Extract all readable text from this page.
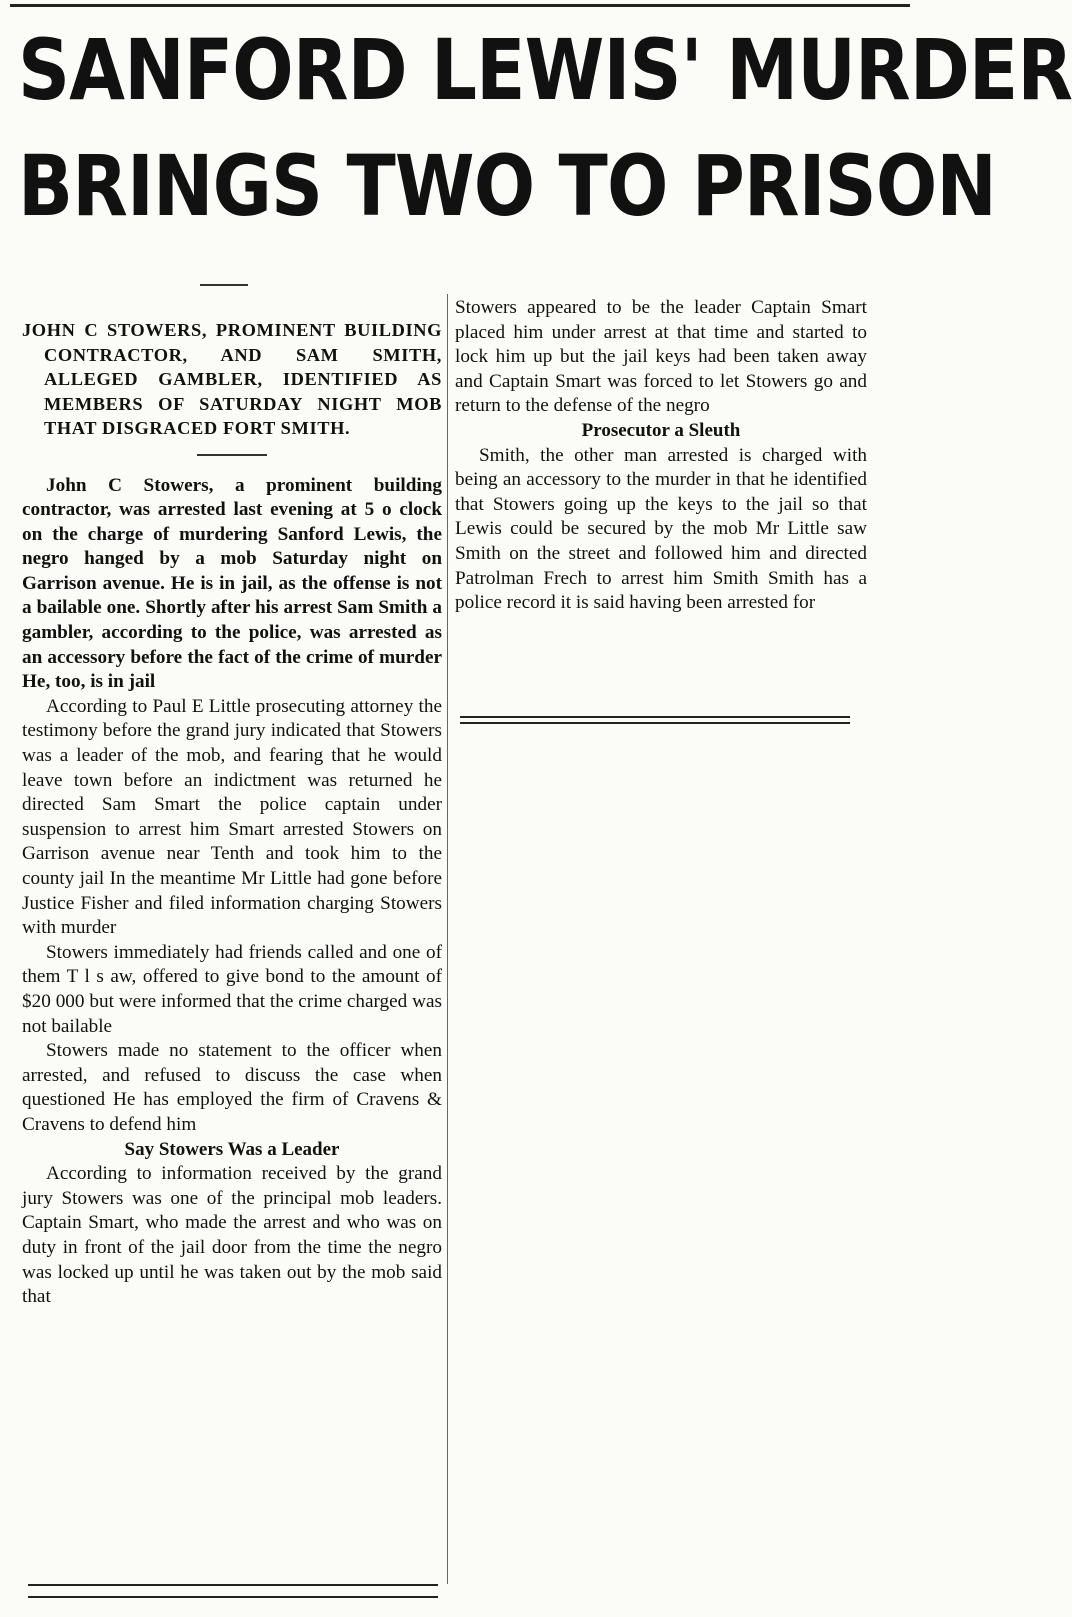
SANFORD LEWIS' MURDER
BRINGS TWO TO PRISON
JOHN C STOWERS, PROMINENT BUILDING CONTRACTOR, AND SAM SMITH, ALLEGED GAMBLER, IDENTIFIED AS MEMBERS OF SATURDAY NIGHT MOB THAT DISGRACED FORT SMITH.

John C Stowers, a prominent building contractor, was arrested last evening at 5 o clock on the charge of murdering Sanford Lewis, the negro hanged by a mob Saturday night on Garrison avenue. He is in jail, as the offense is not a bailable one. Shortly after his arrest Sam Smith a gambler, according to the police, was arrested as an accessory before the fact of the crime of murder He, too, is in jail

According to Paul E Little prosecuting attorney the testimony before the grand jury indicated that Stowers was a leader of the mob, and fearing that he would leave town before an indictment was returned he directed Sam Smart the police captain under suspension to arrest him Smart arrested Stowers on Garrison avenue near Tenth and took him to the county jail In the meantime Mr Little had gone before Justice Fisher and filed information charging Stowers with murder

Stowers immediately had friends called and one of them T l s aw, offered to give bond to the amount of $20 000 but were informed that the crime charged was not bailable

Stowers made no statement to the officer when arrested, and refused to discuss the case when questioned He has employed the firm of Cravens & Cravens to defend him

Say Stowers Was a Leader

According to information received by the grand jury Stowers was one of the principal mob leaders. Captain Smart, who made the arrest and who was on duty in front of the jail door from the time the negro was locked up until he was taken out by the mob said that

Stowers appeared to be the leader Captain Smart placed him under arrest at that time and started to lock him up but the jail keys had been taken away and Captain Smart was forced to let Stowers go and return to the defense of the negro

Prosecutor a Sleuth

Smith, the other man arrested is charged with being an accessory to the murder in that he identified that Stowers going up the keys to the jail so that Lewis could be secured by the mob Mr Little saw Smith on the street and followed him and directed Patrolman Frech to arrest him Smith Smith has a police record it is said having been arrested for
